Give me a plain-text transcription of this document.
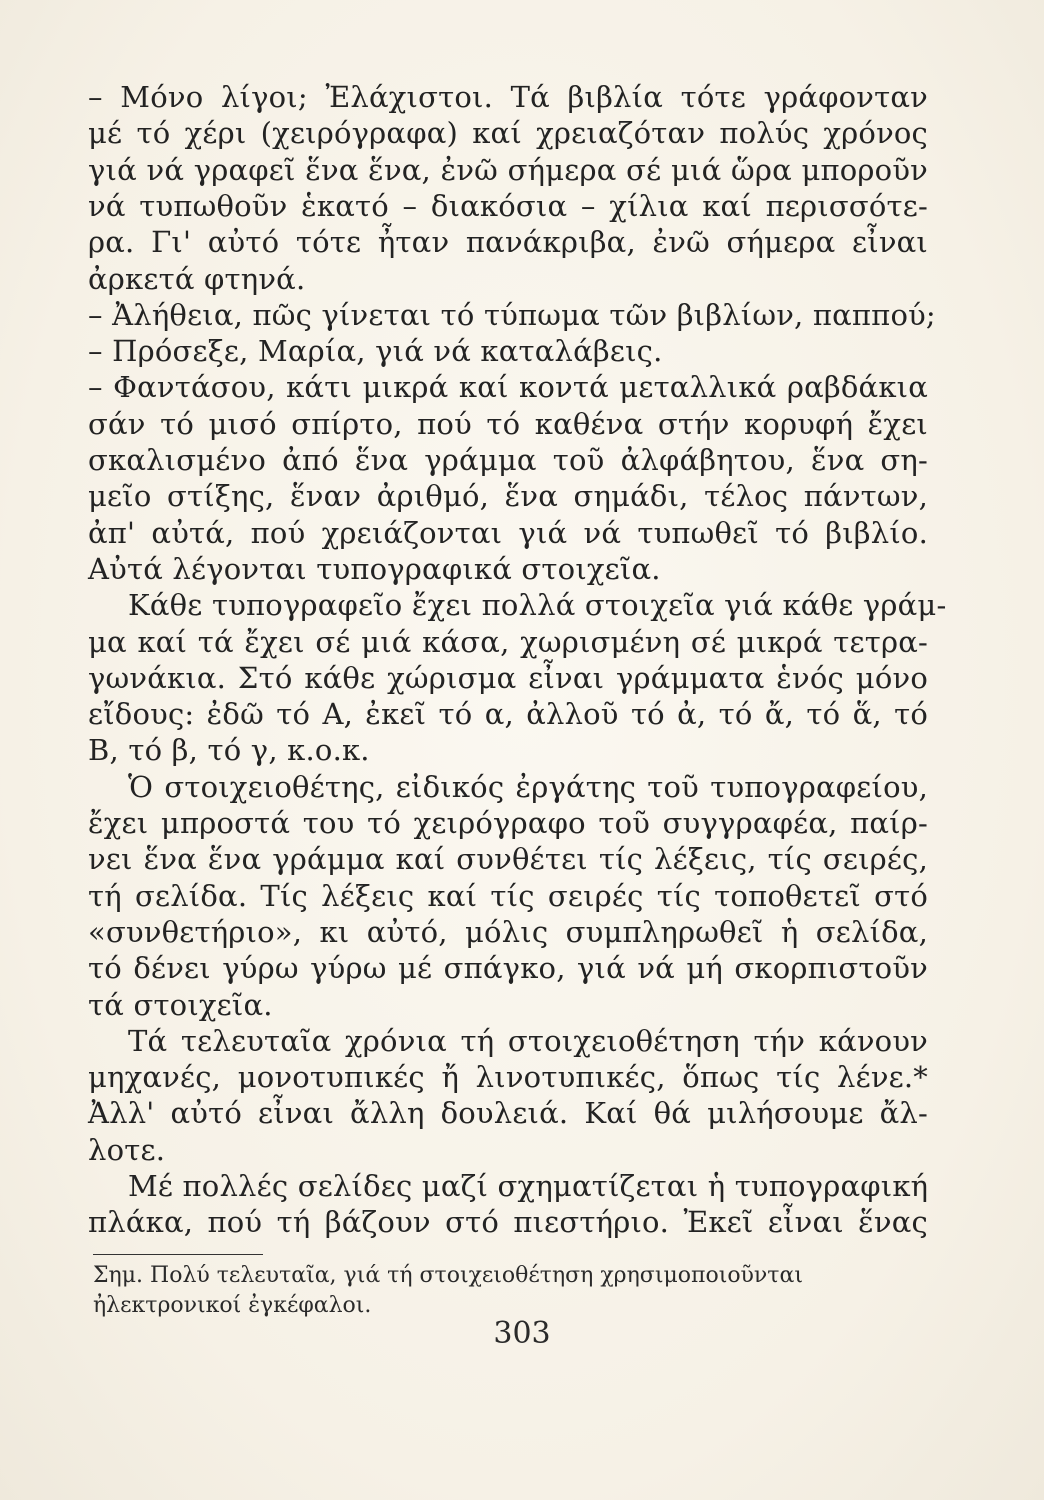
– Μόνο λίγοι; Ἐλάχιστοι. Τά βιβλία τότε γράφονταν
μέ τό χέρι (χειρόγραφα) καί χρειαζόταν πολύς χρόνος
γιά νά γραφεῖ ἕνα ἕνα, ἐνῶ σήμερα σέ μιά ὥρα μποροῦν
νά τυπωθοῦν ἑκατό – διακόσια – χίλια καί περισσότε-
ρα. Γι' αὐτό τότε ἦταν πανάκριβα, ἐνῶ σήμερα εἶναι
ἀρκετά φτηνά.
– Ἀλήθεια, πῶς γίνεται τό τύπωμα τῶν βιβλίων, παππού;
– Πρόσεξε, Μαρία, γιά νά καταλάβεις.
– Φαντάσου, κάτι μικρά καί κοντά μεταλλικά ραβδάκια
σάν τό μισό σπίρτο, πού τό καθένα στήν κορυφή ἔχει
σκαλισμένο ἀπό ἕνα γράμμα τοῦ ἀλφάβητου, ἕνα ση-
μεῖο στίξης, ἕναν ἀριθμό, ἕνα σημάδι, τέλος πάντων,
ἀπ' αὐτά, πού χρειάζονται γιά νά τυπωθεῖ τό βιβλίο.
Αὐτά λέγονται τυπογραφικά στοιχεῖα.
Κάθε τυπογραφεῖο ἔχει πολλά στοιχεῖα γιά κάθε γράμ-
μα καί τά ἔχει σέ μιά κάσα, χωρισμένη σέ μικρά τετρα-
γωνάκια. Στό κάθε χώρισμα εἶναι γράμματα ἑνός μόνο
εἴδους: ἐδῶ τό Α, ἐκεῖ τό α, ἀλλοῦ τό ἀ, τό ἄ, τό ἅ, τό
Β, τό β, τό γ, κ.ο.κ.
Ὁ στοιχειοθέτης, εἰδικός ἐργάτης τοῦ τυπογραφείου,
ἔχει μπροστά του τό χειρόγραφο τοῦ συγγραφέα, παίρ-
νει ἕνα ἕνα γράμμα καί συνθέτει τίς λέξεις, τίς σειρές,
τή σελίδα. Τίς λέξεις καί τίς σειρές τίς τοποθετεῖ στό
«συνθετήριο», κι αὐτό, μόλις συμπληρωθεῖ ἡ σελίδα,
τό δένει γύρω γύρω μέ σπάγκο, γιά νά μή σκορπιστοῦν
τά στοιχεῖα.
Τά τελευταῖα χρόνια τή στοιχειοθέτηση τήν κάνουν
μηχανές, μονοτυπικές ἤ λινοτυπικές, ὅπως τίς λένε.*
Ἀλλ' αὐτό εἶναι ἄλλη δουλειά. Καί θά μιλήσουμε ἄλ-
λοτε.
Μέ πολλές σελίδες μαζί σχηματίζεται ἡ τυπογραφική
πλάκα, πού τή βάζουν στό πιεστήριο. Ἐκεῖ εἶναι ἕνας
Σημ. Πολύ τελευταῖα, γιά τή στοιχειοθέτηση χρησιμοποιοῦνται
ἠλεκτρονικοί ἐγκέφαλοι.
303
